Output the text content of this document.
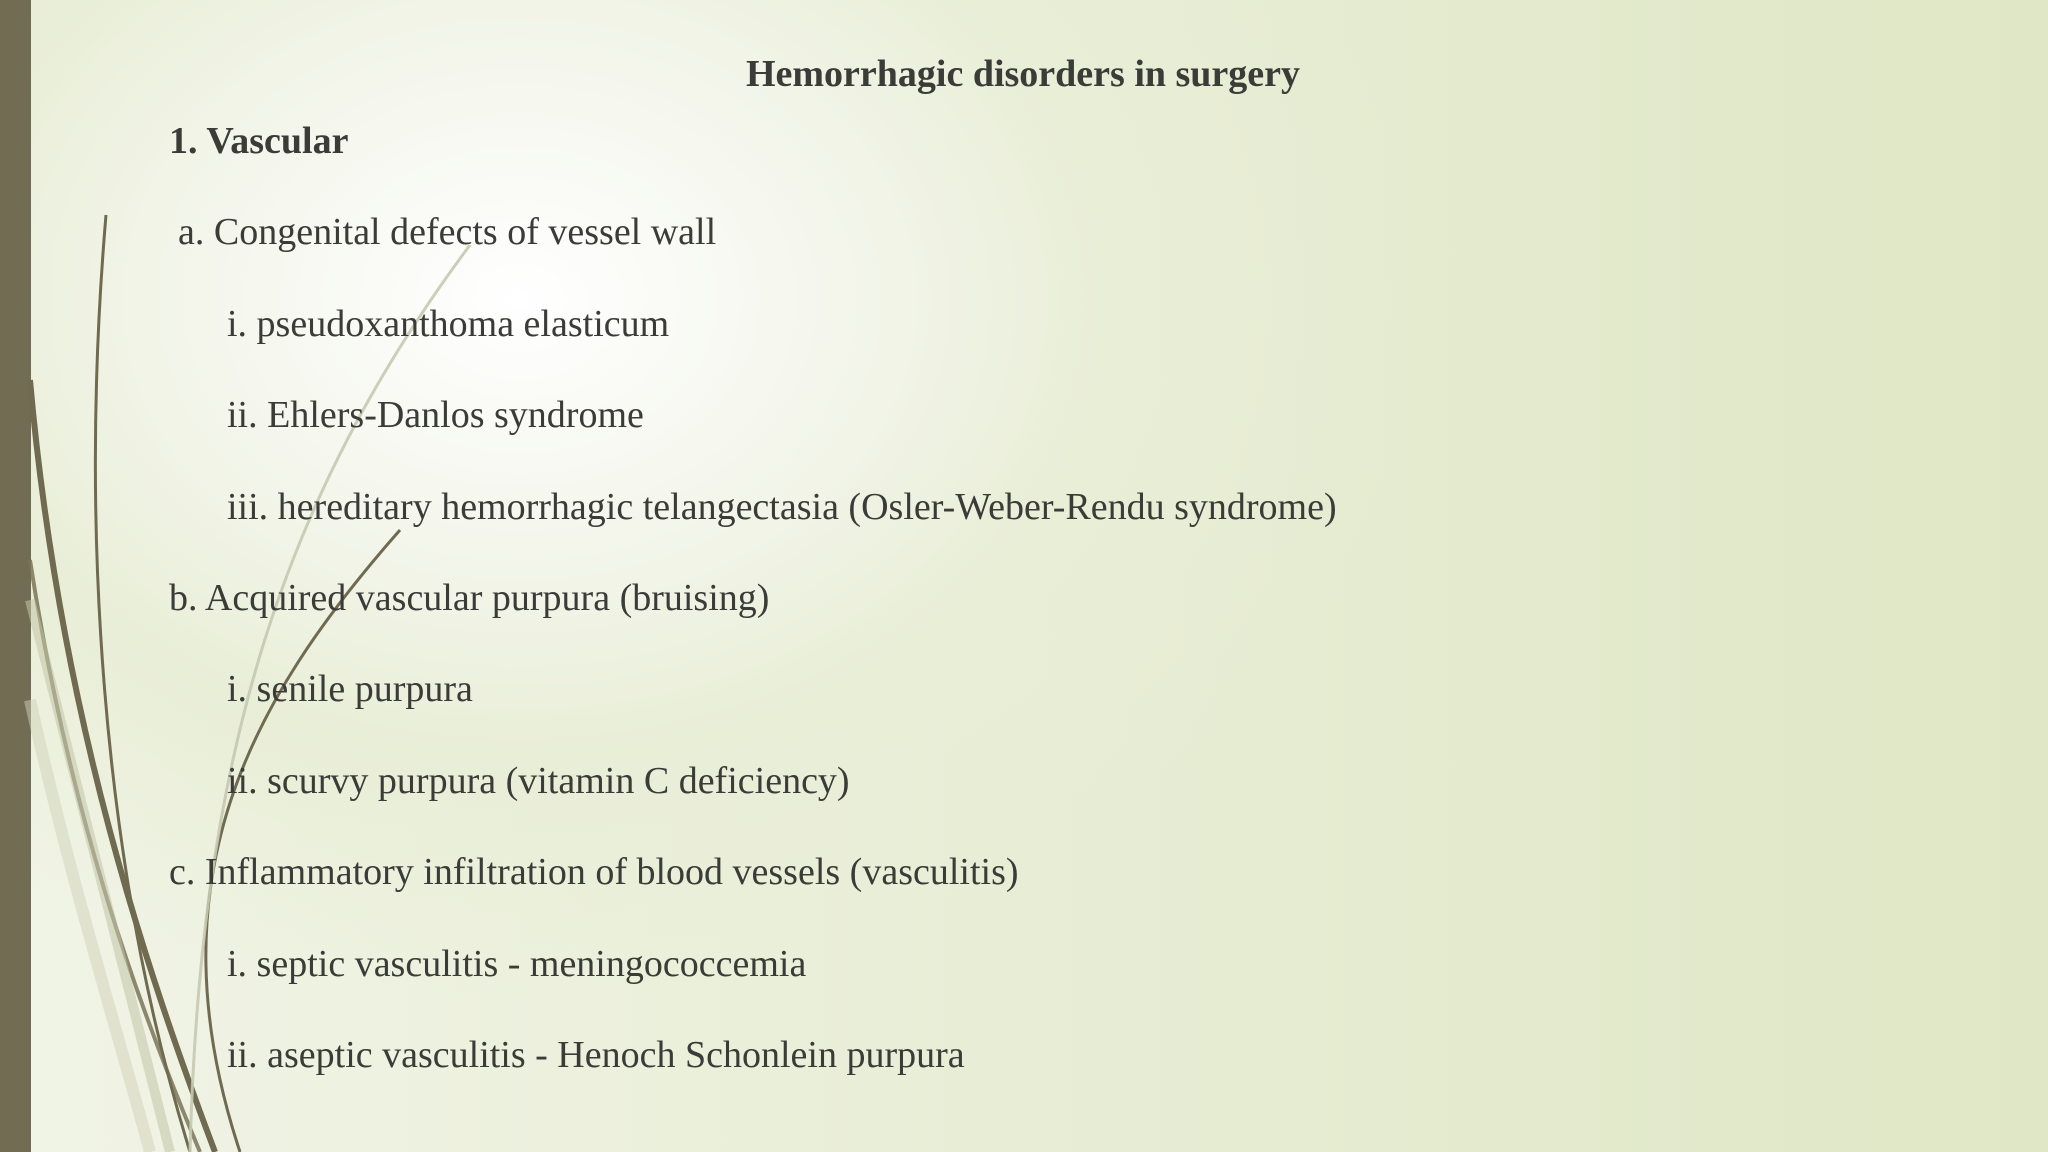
Hemorrhagic disorders in surgery
1. Vascular
a. Congenital defects of vessel wall
i. pseudoxanthoma elasticum
ii. Ehlers-Danlos syndrome
iii. hereditary hemorrhagic telangectasia (Osler-Weber-Rendu syndrome)
b. Acquired vascular purpura (bruising)
i. senile purpura
ii. scurvy purpura (vitamin C deficiency)
c. Inflammatory infiltration of blood vessels (vasculitis)
i. septic vasculitis - meningococcemia
ii. aseptic vasculitis - Henoch Schonlein purpura
